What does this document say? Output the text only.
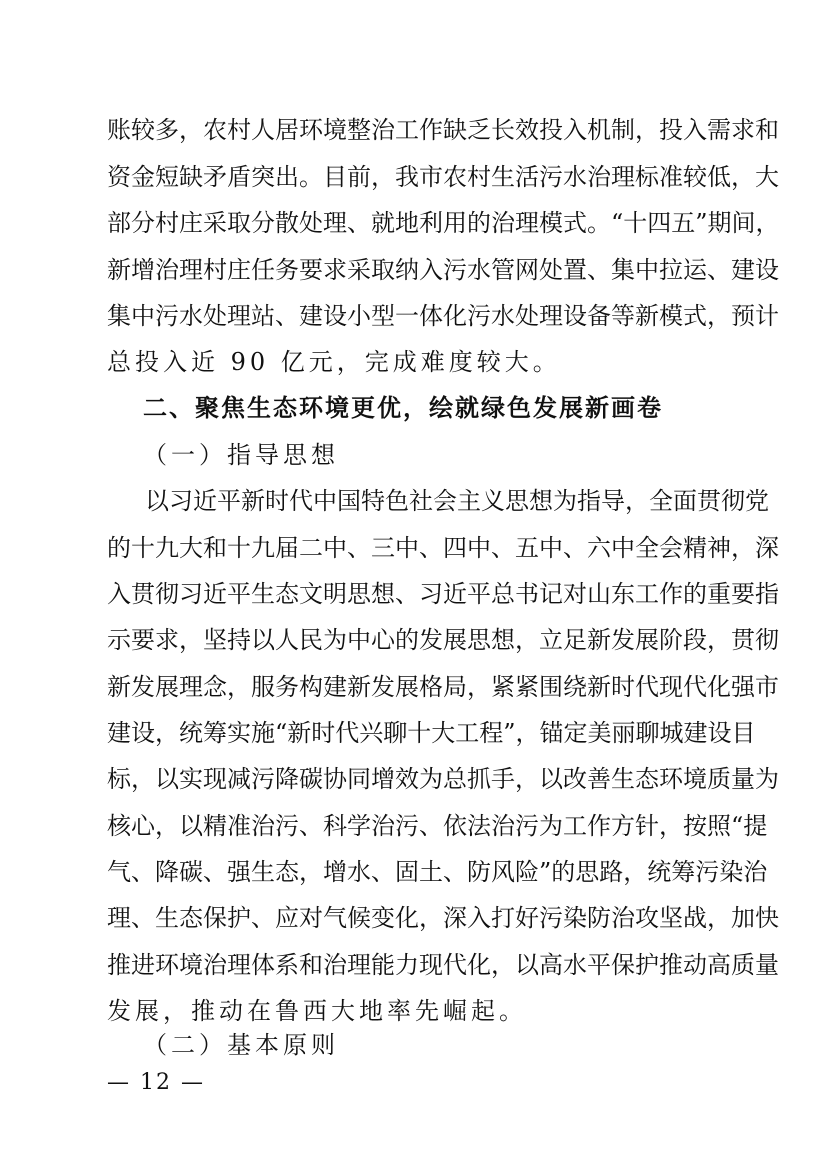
账较多，农村人居环境整治工作缺乏长效投入机制，投入需求和
资金短缺矛盾突出。目前，我市农村生活污水治理标准较低，大
部分村庄采取分散处理、就地利用的治理模式。“十四五”期间，
新增治理村庄任务要求采取纳入污水管网处置、集中拉运、建设
集中污水处理站、建设小型一体化污水处理设备等新模式，预计
总投入近 90 亿元，完成难度较大。
二、聚焦生态环境更优，绘就绿色发展新画卷
（一）指导思想
以习近平新时代中国特色社会主义思想为指导，全面贯彻党
的十九大和十九届二中、三中、四中、五中、六中全会精神，深
入贯彻习近平生态文明思想、习近平总书记对山东工作的重要指
示要求，坚持以人民为中心的发展思想，立足新发展阶段，贯彻
新发展理念，服务构建新发展格局，紧紧围绕新时代现代化强市
建设，统筹实施“新时代兴聊十大工程”，锚定美丽聊城建设目
标，以实现减污降碳协同增效为总抓手，以改善生态环境质量为
核心，以精准治污、科学治污、依法治污为工作方针，按照“提
气、降碳、强生态，增水、固土、防风险”的思路，统筹污染治
理、生态保护、应对气候变化，深入打好污染防治攻坚战，加快
推进环境治理体系和治理能力现代化，以高水平保护推动高质量
发展，推动在鲁西大地率先崛起。
（二）基本原则
— 12 —
